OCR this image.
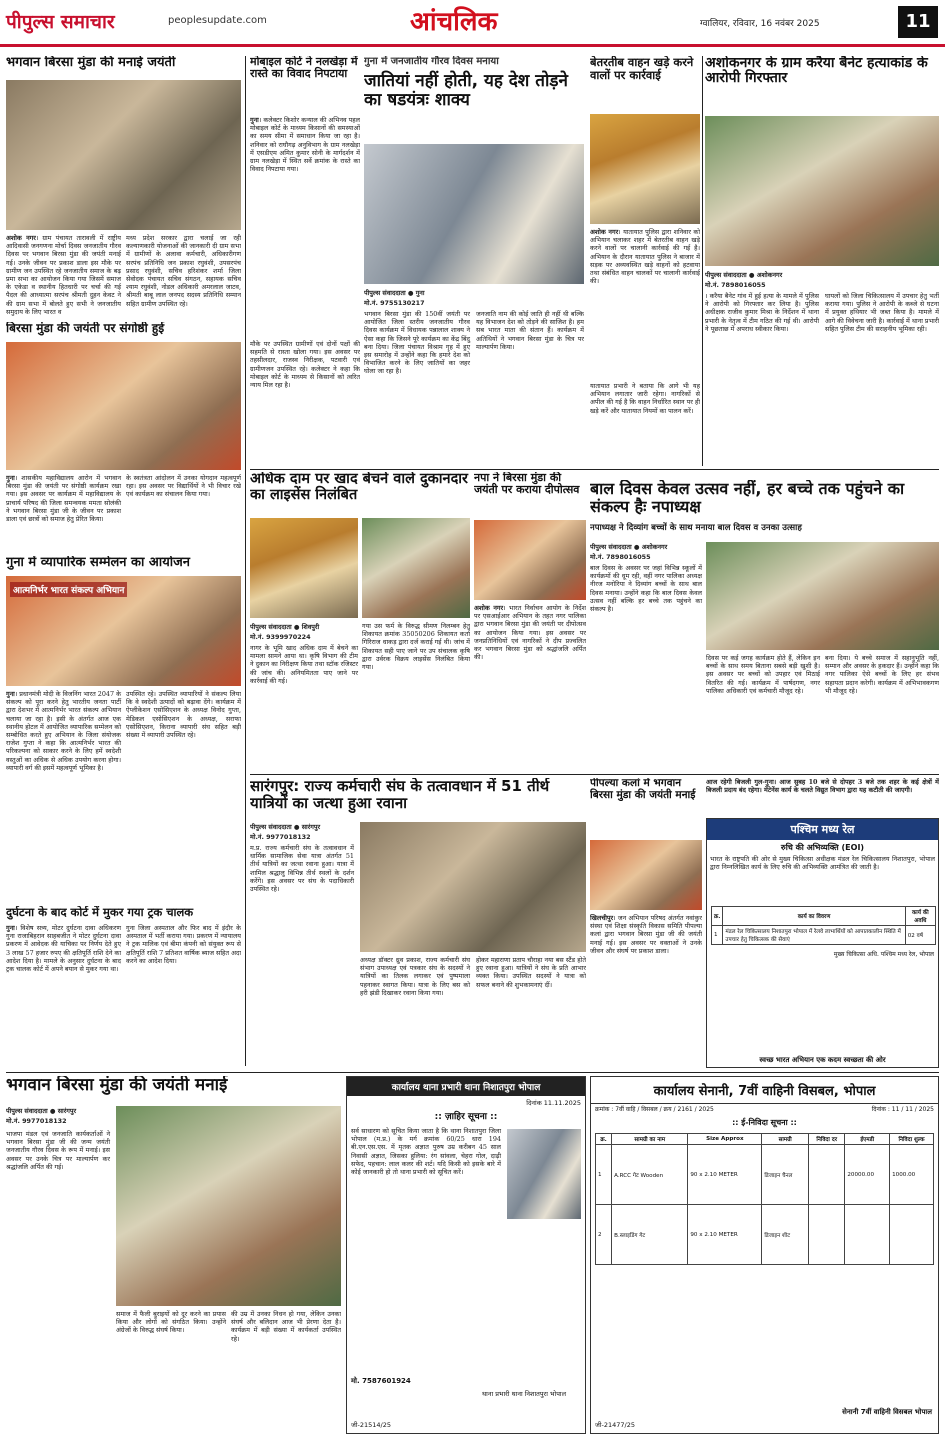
पीपुल्स समाचार	peoplesupdate.com	आंचलिक	ग्वालियर, रविवार, 16 नवंबर 2025	11
भगवान बिरसा मुंडा की मनाई जयंती
अशोक नगर। ग्राम पंचायत तारावली में राष्ट्रीय आदिवासी जनगणना मोर्चा दिवस जनजातीय गौरव दिवस पर भगवान बिरसा मुंडा की जयंती मनाई गई। उनके जीवन पर प्रकाश डाला इस मौके पर ग्रामीण जन उपस्थित रहे जनजातीय समाज के बढ़ प्रमा सभा का आयोजन किया गया जिसमें समाज के एकेडा व स्थानीय हितधारी पर चर्चा की गई पैदल की आध्यात्मा सरपंच श्रीमती दुहन केवट ने की ग्राम सभा में बोलते हुए सभी ने जनजातीय समुदाय के लिए भारत व
मध्य प्रदेश सरकार द्वारा चलाई जा रही कल्याणकारी योजनाओं की जानकारी दी ग्राम सभा में ग्रामीणों के अलावा कर्मचारी, अधिकारीगण सरपंच प्रतिनिधि जन प्रकाश रघुवंशी, उपसरपंच प्रसाद रघुवंशी, सचिव हरिशंकर शर्मा जिला सेवोदक पंचायत सचिव संगठन, सहायक सचिव श्याम रघुवंशी, नोडल अधिकारी अमरलाल जाटव, श्रीमती बाबू लाल जनपद सदस्य प्रतिनिधि सम्मान सहित ग्रामीण उपस्थित रहे।
बिरसा मुंडा की जयंती पर संगोष्ठी हुई
गुना। शासकीय महाविद्यालय आरोन में भगवान बिरसा मुंडा की जयंती पर संगोष्ठी कार्यक्रम रखा गया। इस अवसर पर कार्यक्रम में महाविद्यालय के प्राचार्य परिषद की जिला समन्वयक ममता सोलंकी ने भगवान बिरसा मुंडा जी के जीवन पर प्रकाश डाला एवं छात्रों को समाज हेतु प्रेरित किया।
के स्वतंत्रता आंदोलन में उनका योगदान महत्वपूर्ण रहा। इस अवसर पर विद्यार्थियों ने भी विचार रखे एवं कार्यक्रम का संचालन किया गया।
गुना में व्यापारिक सम्मेलन का आयोजन
आत्मनिर्भर भारत संकल्प अभियान
गुना। प्रधानमंत्री मोदी के विजनिंग भारत 2047 के संकल्प को पूरा करने हेतु भारतीय जनता पार्टी द्वारा देशभर में आत्मनिर्भर भारत संकल्प अभियान चलाया जा रहा है। इसी के अंतर्गत आज एक स्थानीय होटल में आयोजित व्यापारिक सम्मेलन को सम्बोधित करते हुए अभियान के जिला संयोजक राजेश गुप्ता ने कहा कि आत्मनिर्भर भारत की परिकल्पना को साकार करने के लिए हमें स्वदेशी वस्तुओं का अधिक से अधिक उपयोग करना होगा। व्यापारी वर्ग की इसमें महत्वपूर्ण भूमिका है।
उपस्थित रहे। उपस्थित व्यापारियों ने संकल्प लिया कि वे स्वदेशी उत्पादों को बढ़ावा देंगे। कार्यक्रम में ऐप्लीकेशन एसोसिएशन के अध्यक्ष विनोद गुप्ता, मेडिकल एसोसिएशन के अध्यक्ष, सराफा एसोसिएशन, किराना व्यापारी संघ सहित बड़ी संख्या में व्यापारी उपस्थित रहे।
दुर्घटना के बाद कोर्ट में मुकर गया ट्रक चालक
गुना। विशेष सत्र्य, मोटर दुर्घटना दावा अधिकरण गुना राजाबिहरान साहबजीत ने मोटर दुर्घटना दावा प्रकरण में आवेदक की याचिका पर निर्णय देते हुए 3 लाख 57 हजार रुपए की क्षतिपूर्ति राशि देने का आदेश दिया है। मामले के अनुसार दुर्घटना के बाद ट्रक चालक कोर्ट में अपने बयान से मुकर गया था।
गुना जिला अस्पताल और फिर बाद में इंदौर के अस्पताल में भर्ती कराया गया। प्रकरण में न्यायालय ने ट्रक मालिक एवं बीमा कंपनी को संयुक्त रूप से क्षतिपूर्ति राशि 7 प्रतिशत वार्षिक ब्याज सहित अदा करने का आदेश दिया।
मोबाइल कोर्ट ने नलखेड़ा में रास्ते का विवाद निपटाया
गुना। कलेक्टर किशोर कन्याल की अभिनव पहल मोबाइल कोर्ट के माध्यम किसानों की समस्याओं का समय सीमा में समाधान किया जा रहा है। शनिवार को राघौगढ़ अनुविभाग के ग्राम नलखेड़ा में एसडीएम अमित कुमार सोनी के मार्गदर्शन में ग्राम नलखेड़ा में स्थित सर्वे क्रमांक के रास्ते का विवाद निपटाया गया।
मौके पर उपस्थित ग्रामीणों एवं दोनों पक्षों की सहमति से रास्ता खोला गया। इस अवसर पर तहसीलदार, राजस्व निरीक्षक, पटवारी एवं ग्रामीणजन उपस्थित रहे। कलेक्टर ने कहा कि मोबाइल कोर्ट के माध्यम से किसानों को त्वरित न्याय मिल रहा है।
गुना में जनजातीय गौरव दिवस मनाया
जातियां नहीं होती, यह देश तोड़ने का षडयंत्रः शाक्य
पीपुल्स संवाददाता ● गुना
मो.नं. 9755130217
भगवान बिरसा मुंडा की 150वीं जयंती पर आयोजित जिला स्तरीय जनजातीय गौरव दिवस कार्यक्रम में विधायक पन्नालाल शाक्य ने ऐसा कहा कि जिसने पूरे कार्यक्रम का केंद्र बिंदु बना दिया। जिला पंचायत विश्राम गृह में हुए इस समारोह में उन्होंने कहा कि हमारे देश को विभाजित करने के लिए जातियों का जहर घोला जा रहा है।
जनजाति नाम की कोई जाति ही नहीं थी बल्कि यह विभाजन देश को तोड़ने की साजिश है। हम सब भारत माता की संतान हैं। कार्यक्रम में अतिथियों ने भगवान बिरसा मुंडा के चित्र पर माल्यार्पण किया।
बेतरतीब वाहन खड़े करने वालों पर कार्रवाई
अशोक नगर। यातायात पुलिस द्वारा शनिवार को अभियान चलाकर शहर में बेतरतीब वाहन खड़े करने वालों पर चालानी कार्रवाई की गई है। अभियान के दौरान यातायात पुलिस ने बाजार में सड़क पर अव्यवस्थित खड़े वाहनों को हटवाया तथा संबंधित वाहन चालकों पर चालानी कार्रवाई की।
यातायात प्रभारी ने बताया कि आगे भी यह अभियान लगातार जारी रहेगा। नागरिकों से अपील की गई है कि वाहन निर्धारित स्थान पर ही खड़े करें और यातायात नियमों का पालन करें।
अशोकनगर के ग्राम करैया बैनेट हत्याकांड के आरोपी गिरफ्तार
पीपुल्स संवाददाता ● अशोकनगर
मो.नं. 7898016055
। करैया बैनेट गांव में हुई हत्या के मामले में पुलिस ने आरोपी को गिरफ्तार कर लिया है। पुलिस अधीक्षक राजीव कुमार मिश्रा के निर्देशन में थाना प्रभारी के नेतृत्व में टीम गठित की गई थी। आरोपी ने पूछताछ में अपराध स्वीकार किया।
घायलों को जिला चिकित्सालय में उपचार हेतु भर्ती कराया गया। पुलिस ने आरोपी के कब्जे से घटना में प्रयुक्त हथियार भी जब्त किया है। मामले में आगे की विवेचना जारी है। कार्रवाई में थाना प्रभारी सहित पुलिस टीम की सराहनीय भूमिका रही।
अधिक दाम पर खाद बेचने वाले दुकानदार का लाइसेंस निलंबित
पीपुल्स संवाददाता ● शिवपुरी
मो.नं. 9399970224
नागर के भूमि खाद अधिक दाम में बेचने का मामला सामने आया था। कृषि विभाग की टीम ने दुकान का निरीक्षण किया तथा स्टॉक रजिस्टर की जांच की। अनियमितता पाए जाने पर कार्रवाई की गई।
गया उस फर्म के विरुद्ध सीमण निलम्बन हेतु शिकायत क्रमांक 35050206 शिकायत कर्ता गिरिराज धाकड़ द्वारा दर्ज कराई गई थी। जांच में शिकायत सही पाए जाने पर उप संचालक कृषि द्वारा उर्वरक विक्रय लाइसेंस निलंबित किया गया।
नपा ने बिरसा मुंडा की जयंती पर कराया दीपोत्सव
अशोक नगर। भारत निर्वाचन आयोग के निर्देश पर एसआईआर अभियान के तहत नगर पालिका द्वारा भगवान बिरसा मुंडा की जयंती पर दीपोत्सव का आयोजन किया गया। इस अवसर पर जनप्रतिनिधियों एवं नागरिकों ने दीप प्रज्वलित कर भगवान बिरसा मुंडा को श्रद्धांजलि अर्पित की।
बाल दिवस केवल उत्सव नहीं, हर बच्चे तक पहुंचने का संकल्प हैः नपाध्यक्ष
नपाध्यक्ष ने दिव्यांग बच्चों के साथ मनाया बाल दिवस व उनका उत्साह
पीपुल्स संवाददाता ● अशोकनगर
मो.नं. 7898016055
बाल दिवस के अवसर पर जहां विभिन्न स्कूलों में कार्यक्रमों की धूम रही, वहीं नगर पालिका अध्यक्ष नीरज मनोरिया ने दिव्यांग बच्चों के साथ बाल दिवस मनाया। उन्होंने कहा कि बाल दिवस केवल उत्सव नहीं बल्कि हर बच्चे तक पहुंचने का संकल्प है।
दिवस पर कई जगह कार्यक्रम होते हैं, लेकिन इन बच्चों के साथ समय बिताना सबसे बड़ी खुशी है। इस अवसर पर बच्चों को उपहार एवं मिठाई वितरित की गई। कार्यक्रम में पार्षदगण, नगर पालिका अधिकारी एवं कर्मचारी मौजूद रहे।
बना दिया। ये बच्चे समाज में सहानुभूति नहीं, सम्मान और अवसर के हकदार हैं। उन्होंने कहा कि नगर पालिका ऐसे बच्चों के लिए हर संभव सहायता प्रदान करेगी। कार्यक्रम में अभिभावकगण भी मौजूद रहे।
सारंगपुर: राज्य कर्मचारी संघ के तत्वावधान में 51 तीर्थ यात्रियों का जत्था हुआ रवाना
पीपुल्स संवाददाता ● सारंगपुर
मो.नं. 9977018132
म.प्र. राज्य कर्मचारी संघ के तत्वावधान में धार्मिक सामाजिक सेवा यात्रा अंतर्गत 51 तीर्थ यात्रियों का जत्था रवाना हुआ। यात्रा में शामिल श्रद्धालु विभिन्न तीर्थ स्थलों के दर्शन करेंगे। इस अवसर पर संघ के पदाधिकारी उपस्थित रहे।
अध्यक्ष डॉक्टर ध्रुव प्रकाश, राज्य कर्मचारी संघ संभाग उपाध्यक्ष एवं पत्रकार संघ के सदस्यों ने यात्रियों का तिलक लगाकर एवं पुष्पमाला पहनाकर स्वागत किया। यात्रा के लिए बस को हरी झंडी दिखाकर रवाना किया गया।
होकर महाराणा प्रताप चौराहा नया बस स्टैंड होते हुए रवाना हुआ। यात्रियों ने संघ के प्रति आभार व्यक्त किया। उपस्थित सदस्यों ने यात्रा को सफल बनाने की शुभकामनाएं दीं।
पीपल्या कलां में भगवान बिरसा मुंडा की जयंती मनाई
खिलचीपुर। जन अभियान परिषद अंतर्गत नवांकुर संस्था एवं शिक्षा संस्कृति विकास समिति पीपल्या कलां द्वारा भगवान बिरसा मुंडा जी की जयंती मनाई गई। इस अवसर पर वक्ताओं ने उनके जीवन और संघर्ष पर प्रकाश डाला।
आज रहेगी बिजली गुल-गुना। आज सुबह 10 बजे से दोपहर 3 बजे तक शहर के कई क्षेत्रों में बिजली प्रदाय बंद रहेगा। मेंटेनेंस कार्य के चलते विद्युत विभाग द्वारा यह कटौती की जाएगी।
पश्चिम मध्य रेल
रुचि की अभिव्यक्ति (EOI)
भारत के राष्ट्रपति की ओर से मुख्य चिकित्सा अधीक्षक मंडल रेल चिकित्सालय निशातपुरा, भोपाल द्वारा निम्नलिखित कार्य के लिए रुचि की अभिव्यक्ति आमंत्रित की जाती है।
क्र.	कार्य का विवरण	कार्य की अवधि
1	मंडल रेल चिकित्सालय निशातपुरा भोपाल में रेलवे लाभार्थियों को आपातकालीन स्थिति में उपचार हेतु चिकित्सक की सेवाएं	02 वर्ष
मुख्य चिकित्सा अधि. पश्चिम मध्य रेल, भोपाल
स्वच्छ भारत अभियान एक कदम स्वच्छता की ओर
भगवान बिरसा मुंडा की जयंती मनाई
पीपुल्स संवाददाता ● सारंगपुर
मो.नं. 9977018132
भाजपा मंडल एवं जनजाति कार्यकर्ताओं ने भगवान बिरसा मुंडा जी की जन्म जयंती जनजातीय गौरव दिवस के रूप में मनाई। इस अवसर पर उनके चित्र पर माल्यार्पण कर श्रद्धांजलि अर्पित की गई।
समाज में फैली बुराइयों को दूर करने का प्रयास किया और लोगों को संगठित किया। उन्होंने अंग्रेजों के विरुद्ध संघर्ष किया।
की उम्र में उनका निधन हो गया, लेकिन उनका संघर्ष और बलिदान आज भी प्रेरणा देता है। कार्यक्रम में बड़ी संख्या में कार्यकर्ता उपस्थित रहे।
कार्यालय थाना प्रभारी थाना निशातपुरा भोपाल
दिनांक 11.11.2025
:: ज़ाहिर सूचना ::
सर्व साधारण को सूचित किया जाता है कि थाना निशातपुरा जिला भोपाल (म.प्र.) के मर्ग क्रमांक 60/25 धारा 194 बी.एन.एस.एस. में मृतक अज्ञात पुरुष उम्र करीबन 45 साल निवासी अज्ञात, जिसका हुलिया: रंग सांवला, चेहरा गोल, दाढ़ी सफेद, पहचान: लाल कलर की शर्ट। यदि किसी को इसके बारे में कोई जानकारी हो तो थाना प्रभारी को सूचित करें।
मो. 7587601924
थाना प्रभारी थाना निशातपुरा भोपाल
जी-21514/25
कार्यालय सेनानी, 7वीं वाहिनी विसबल, भोपाल
क्रमांक : 7वीं वाहि / विसबल / क्रय / 2161 / 2025	दिनांक : 11 / 11 / 2025
:: ई-निविदा सूचना ::
क्र.	सामग्री का नाम	Size Approx	सामग्री	निविदा दर	ईएमडी	निविदा शुल्क
1	A.RCC गेट Wooden	90 x 2.10 METER	डिजाइन चैनल		20000.00	1000.00
2	B.स्लाइडिंग गेट	90 x 2.10 METER	डिजाइन शीट			
सेनानी 7वीं वाहिनी विसबल भोपाल
जी-21477/25
